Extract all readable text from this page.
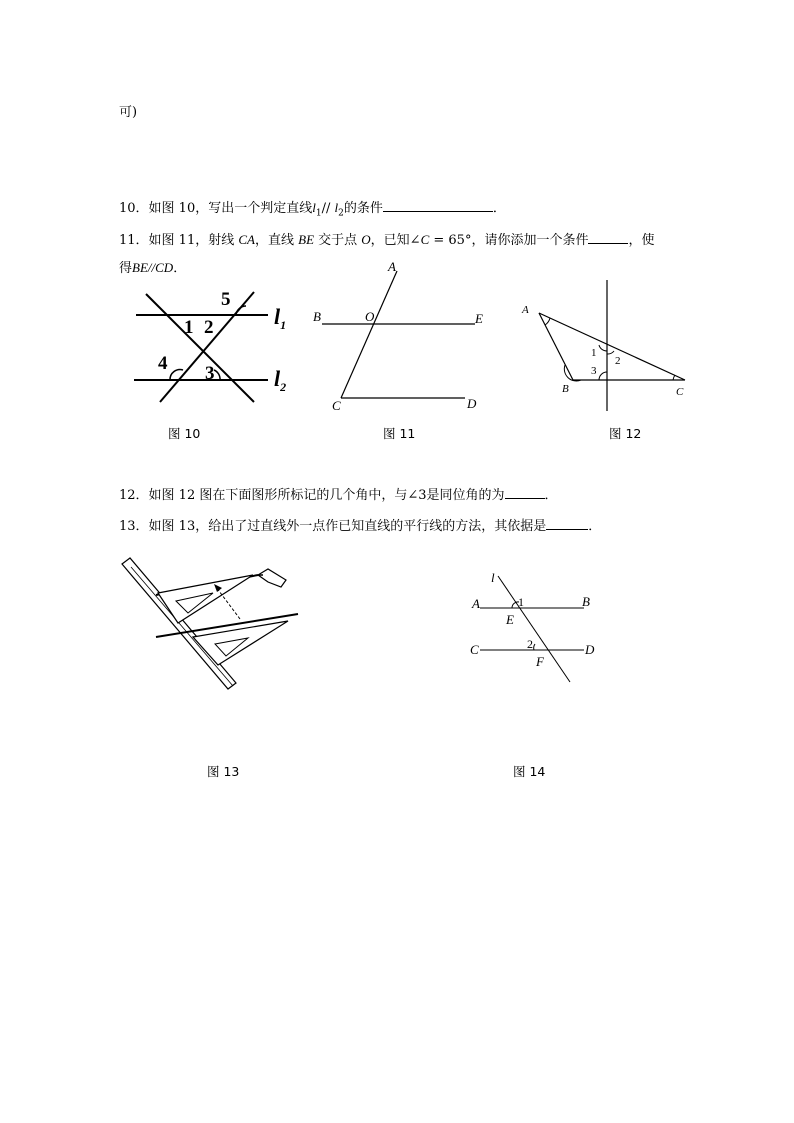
可)
10．如图 10，写出一个判定直线$l_1//$ $l_2$的条件	．
11．如图 11，射线 CA，直线 BE 交于点 O，已知∠C = 65°，请你添加一个条件	，使
得BE//CD．
1 2
5
4 3
$l_1$
$l_2$
图 10
A
B	O	E
C	D
图 11
A
B	C
1
2
3
图 12
12．如图 12 图在下面图形所标记的几个角中，与∠3是同位角的为	．
13．如图 13，给出了过直线外一点作已知直线的平行线的方法，其依据是	．
图 13
l
A	1	B
E
C	2	D
F
图 14
